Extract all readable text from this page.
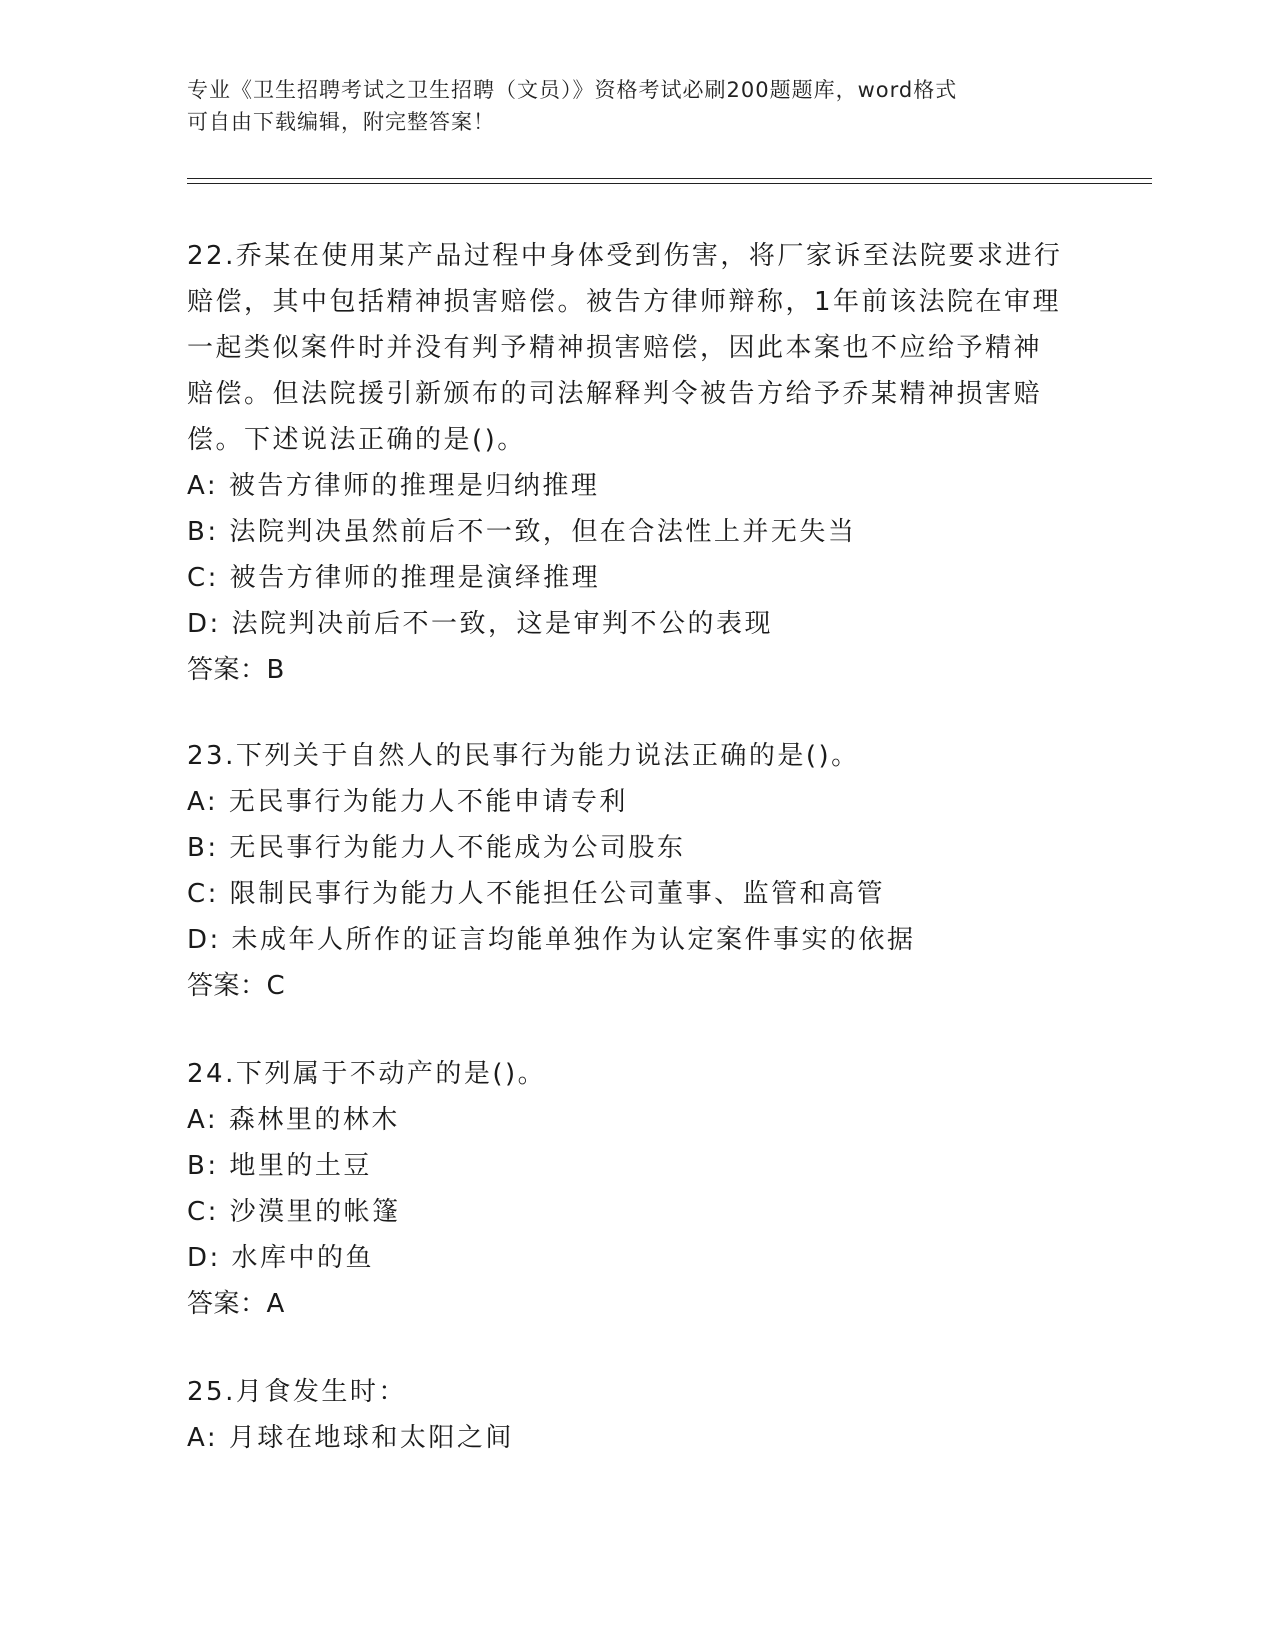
专业《卫生招聘考试之卫生招聘（文员）》资格考试必刷200题题库，word格式
可自由下载编辑，附完整答案！
22.乔某在使用某产品过程中身体受到伤害，将厂家诉至法院要求进行
赔偿，其中包括精神损害赔偿。被告方律师辩称，1年前该法院在审理
一起类似案件时并没有判予精神损害赔偿，因此本案也不应给予精神
赔偿。但法院援引新颁布的司法解释判令被告方给予乔某精神损害赔
偿。下述说法正确的是()。
A: 被告方律师的推理是归纳推理
B: 法院判决虽然前后不一致，但在合法性上并无失当
C: 被告方律师的推理是演绎推理
D: 法院判决前后不一致，这是审判不公的表现
答案：B
23.下列关于自然人的民事行为能力说法正确的是()。
A: 无民事行为能力人不能申请专利
B: 无民事行为能力人不能成为公司股东
C: 限制民事行为能力人不能担任公司董事、监管和高管
D: 未成年人所作的证言均能单独作为认定案件事实的依据
答案：C
24.下列属于不动产的是()。
A: 森林里的林木
B: 地里的土豆
C: 沙漠里的帐篷
D: 水库中的鱼
答案：A
25.月食发生时：
A: 月球在地球和太阳之间
